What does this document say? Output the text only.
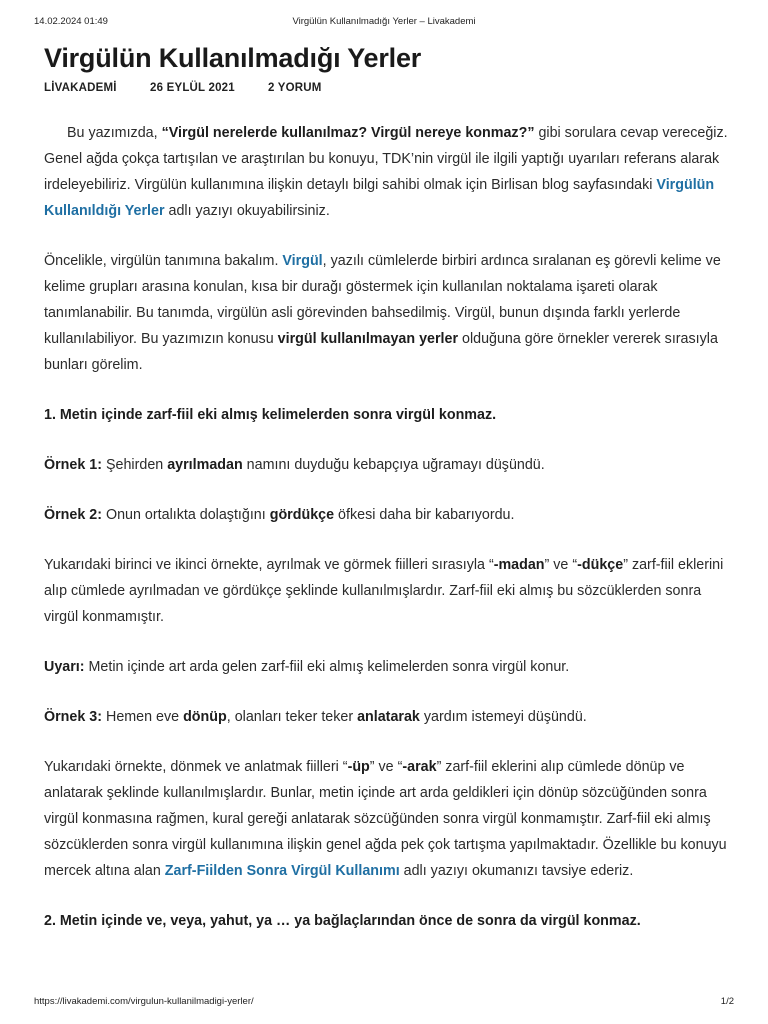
14.02.2024 01:49	Virgülün Kullanılmadığı Yerler – Livakademi
Virgülün Kullanılmadığı Yerler
LİVAKADEMİ	26 EYLÜL 2021	2 YORUM

Bu yazımızda, “Virgül nerelerde kullanılmaz? Virgül nereye konmaz?” gibi sorulara cevap vereceğiz. Genel ağda çokça tartışılan ve araştırılan bu konuyu, TDK’nin virgül ile ilgili yaptığı uyarıları referans alarak irdeleyebiliriz. Virgülün kullanımına ilişkin detaylı bilgi sahibi olmak için Birlisan blog sayfasındaki Virgülün Kullanıldığı Yerler adlı yazıyı okuyabilirsiniz.

Öncelikle, virgülün tanımına bakalım. Virgül, yazılı cümlelerde birbiri ardınca sıralanan eş görevli kelime ve kelime grupları arasına konulan, kısa bir durağı göstermek için kullanılan noktalama işareti olarak tanımlanabilir. Bu tanımda, virgülün asli görevinden bahsedilmiş. Virgül, bunun dışında farklı yerlerde kullanılabiliyor. Bu yazımızın konusu virgül kullanılmayan yerler olduğuna göre örnekler vererek sırasıyla bunları görelim.

1. Metin içinde zarf-fiil eki almış kelimelerden sonra virgül konmaz.

Örnek 1: Şehirden ayrılmadan namını duyduğu kebapçıya uğramayı düşündü.

Örnek 2: Onun ortalıkta dolaştığını gördükçe öfkesi daha bir kabarıyordu.

Yukarıdaki birinci ve ikinci örnekte, ayrılmak ve görmek fiilleri sırasıyla “-madan” ve “-dükçe” zarf-fiil eklerini alıp cümlede ayrılmadan ve gördükçe şeklinde kullanılmışlardır. Zarf-fiil eki almış bu sözcüklerden sonra virgül konmamıştır.

Uyarı: Metin içinde art arda gelen zarf-fiil eki almış kelimelerden sonra virgül konur.

Örnek 3: Hemen eve dönüp, olanları teker teker anlatarak yardım istemeyi düşündü.

Yukarıdaki örnekte, dönmek ve anlatmak fiilleri “-üp” ve “-arak” zarf-fiil eklerini alıp cümlede dönüp ve anlatarak şeklinde kullanılmışlardır. Bunlar, metin içinde art arda geldikleri için dönüp sözcüğünden sonra virgül konmasına rağmen, kural gereği anlatarak sözcüğünden sonra virgül konmamıştır. Zarf-fiil eki almış sözcüklerden sonra virgül kullanımına ilişkin genel ağda pek çok tartışma yapılmaktadır. Özellikle bu konuyu mercek altına alan Zarf-Fiilden Sonra Virgül Kullanımı adlı yazıyı okumanızı tavsiye ederiz.

2. Metin içinde ve, veya, yahut, ya … ya bağlaçlarından önce de sonra da virgül konmaz.

https://livakademi.com/virgulun-kullanilmadigi-yerler/	1/2
